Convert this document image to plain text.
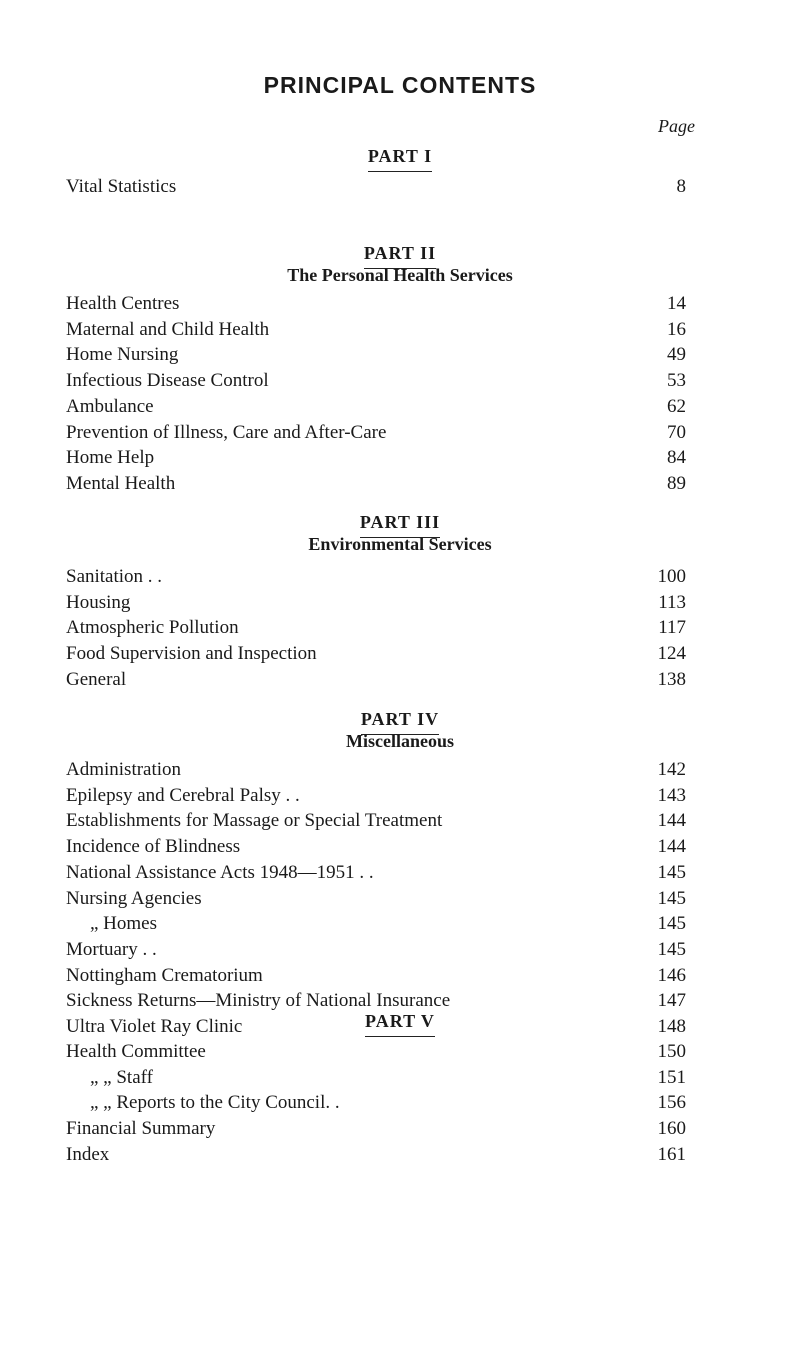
PRINCIPAL CONTENTS
Page
PART I
Vital Statistics	8
PART II
The Personal Health Services
Health Centres	14
Maternal and Child Health	16
Home Nursing	49
Infectious Disease Control	53
Ambulance	62
Prevention of Illness, Care and After-Care	70
Home Help	84
Mental Health	89
PART III
Environmental Services
Sanitation . .	100
Housing	113
Atmospheric Pollution	117
Food Supervision and Inspection	124
General	138
PART IV
Miscellaneous
Administration	142
Epilepsy and Cerebral Palsy . .	143
Establishments for Massage or Special Treatment	144
Incidence of Blindness	144
National Assistance Acts 1948—1951 . .	145
Nursing Agencies	145
„ Homes	145
Mortuary . .	145
Nottingham Crematorium	146
Sickness Returns—Ministry of National Insurance	147
Ultra Violet Ray Clinic	148
PART V
Health Committee	150
„ „ Staff	151
„ „ Reports to the City Council. .	156
Financial Summary	160
Index	161
